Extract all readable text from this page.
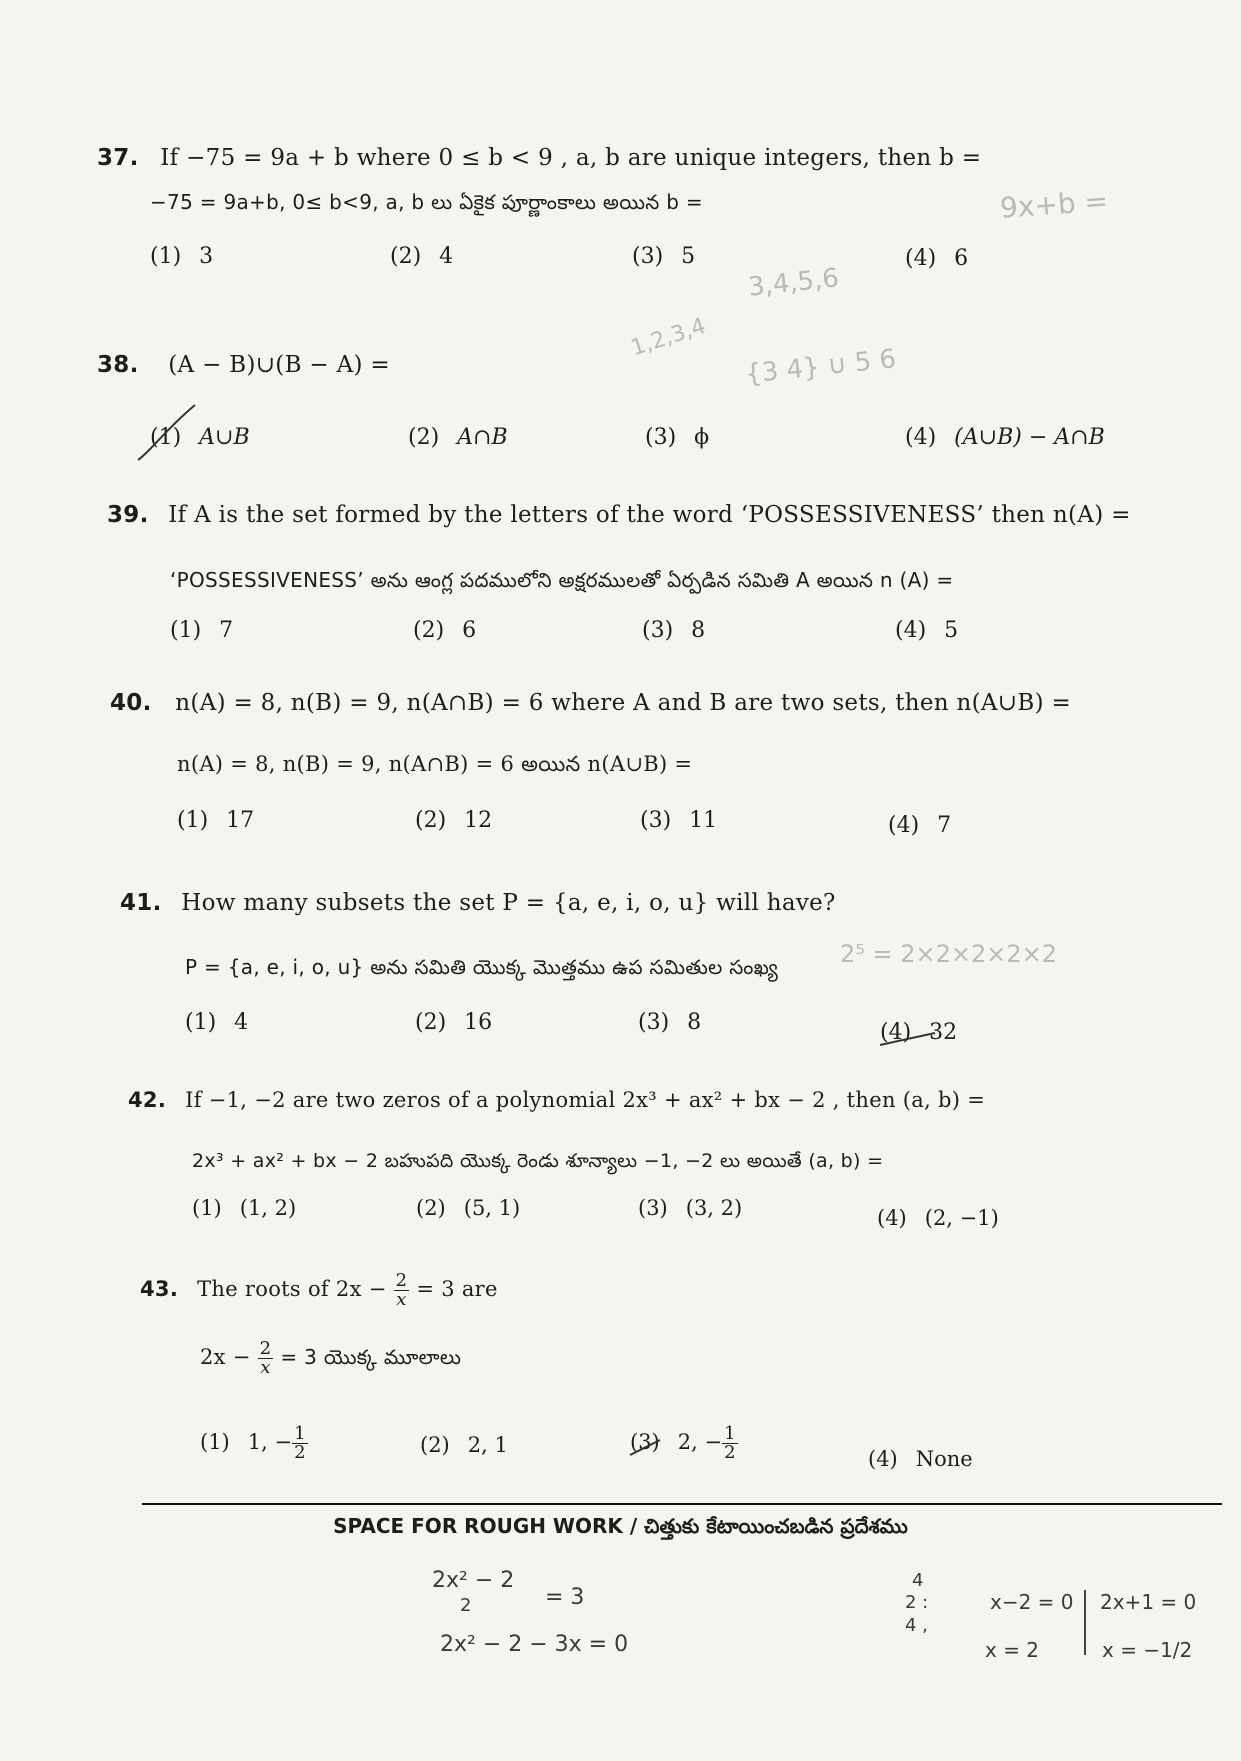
37. If −75 = 9a + b where 0 ≤ b < 9 , a, b are unique integers, then b =
−75 = 9a+b, 0≤ b<9, a, b లు ఏకైక పూర్ణాంకాలు అయిన b =
(1) 3	(2) 4	(3) 5	(4) 6
38. (A − B)∪(B − A) =
(1) A∪B	(2) A∩B	(3) ϕ	(4) (A∪B) − A∩B
39. If A is the set formed by the letters of the word ‘POSSESSIVENESS’ then n(A) =
‘POSSESSIVENESS’ అను ఆంగ్ల పదములోని అక్షరములతో ఏర్పడిన సమితి A అయిన n (A) =
(1) 7	(2) 6	(3) 8	(4) 5
40. n(A) = 8, n(B) = 9, n(A∩B) = 6 where A and B are two sets, then n(A∪B) =
n(A) = 8, n(B) = 9, n(A∩B) = 6 అయిన n(A∪B) =
(1) 17	(2) 12	(3) 11	(4) 7
41. How many subsets the set P = {a, e, i, o, u} will have?
P = {a, e, i, o, u} అను సమితి యొక్క మొత్తము ఉప సమితుల సంఖ్య
(1) 4	(2) 16	(3) 8	(4) 32
42. If −1, −2 are two zeros of a polynomial 2x³ + ax² + bx − 2 , then (a, b) =
2x³ + ax² + bx − 2 బహుపది యొక్క రెండు శూన్యాలు −1, −2 లు అయితే (a, b) =
(1) (1, 2)	(2) (5, 1)	(3) (3, 2)	(4) (2, −1)
43. The roots of $2x - \frac{2}{x} = 3$ are
$2x - \frac{2}{x} = 3$ యొక్క మూలాలు
(1) 1, − $\frac{1}{2}$	(2) 2, 1	(3) 2, − $\frac{1}{2}$	(4) None
SPACE FOR ROUGH WORK / చిత్తుకు కేటాయించబడిన ప్రదేశము
9x+b =
3,4,5,6
1,2,3,4
{3 4} ∪ 5 6
2⁵ = 2×2×2×2×2
2x² − 2
2	= 3
2x² − 2 − 3x = 0
4
2 :
4 ,
x−2 = 0
x = 2
2x+1 = 0
x = −1/2
